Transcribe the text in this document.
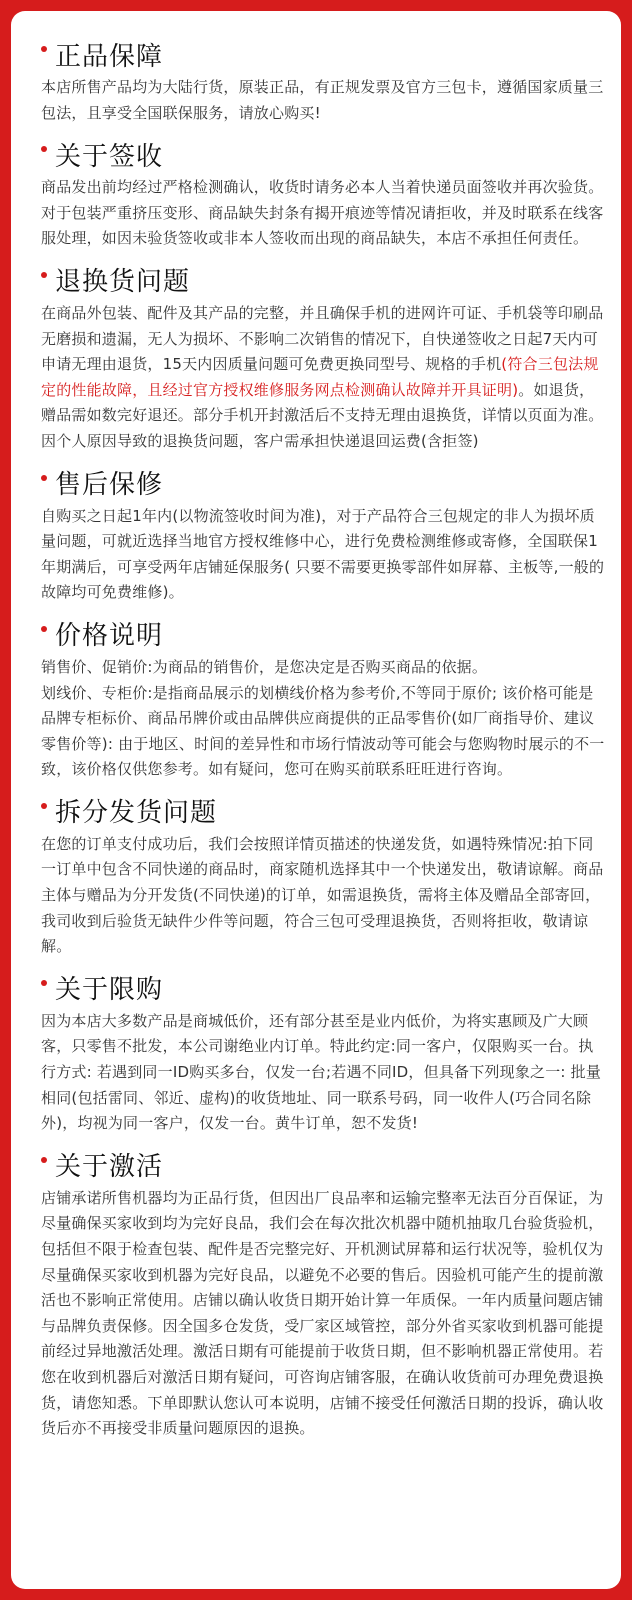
正品保障
本店所售产品均为大陆行货，原装正品，有正规发票及官方三包卡，遵循国家质量三包法，且享受全国联保服务，请放心购买!
关于签收
商品发出前均经过严格检测确认，收货时请务必本人当着快递员面签收并再次验货。对于包装严重挤压变形、商品缺失封条有揭开痕迹等情况请拒收，并及时联系在线客服处理，如因未验货签收或非本人签收而出现的商品缺失，本店不承担任何责任。
退换货问题
在商品外包装、配件及其产品的完整，并且确保手机的进网许可证、手机袋等印刷品无磨损和遗漏，无人为损坏、不影响二次销售的情况下，自快递签收之日起7天内可申请无理由退货，15天内因质量问题可免费更换同型号、规格的手机(符合三包法规定的性能故障，且经过官方授权维修服务网点检测确认故障并开具证明)。如退货，赠品需如数完好退还。部分手机开封激活后不支持无理由退换货，详情以页面为准。因个人原因导致的退换货问题，客户需承担快递退回运费(含拒签)
售后保修
自购买之日起1年内(以物流签收时间为准)，对于产品符合三包规定的非人为损坏质量问题，可就近选择当地官方授权维修中心，进行免费检测维修或寄修，全国联保1年期满后，可享受两年店铺延保服务( 只要不需要更换零部件如屏幕、主板等,一般的故障均可免费维修)。
价格说明
销售价、促销价:为商品的销售价，是您决定是否购买商品的依据。
划线价、专柜价:是指商品展示的划横线价格为参考价,不等同于原价; 该价格可能是品牌专柜标价、商品吊牌价或由品牌供应商提供的正品零售价(如厂商指导价、建议零售价等): 由于地区、时间的差异性和市场行情波动等可能会与您购物时展示的不一致，该价格仅供您参考。如有疑问，您可在购买前联系旺旺进行咨询。
拆分发货问题
在您的订单支付成功后，我们会按照详情页描述的快递发货，如遇特殊情况:拍下同一订单中包含不同快递的商品时，商家随机选择其中一个快递发出，敬请谅解。商品主体与赠品为分开发货(不同快递)的订单，如需退换货，需将主体及赠品全部寄回，我司收到后验货无缺件少件等问题，符合三包可受理退换货，否则将拒收，敬请谅解。
关于限购
因为本店大多数产品是商城低价，还有部分甚至是业内低价，为将实惠顾及广大顾客，只零售不批发，本公司谢绝业内订单。特此约定:同一客户，仅限购买一台。执行方式: 若遇到同一ID购买多台，仅发一台;若遇不同ID，但具备下列现象之一: 批量相同(包括雷同、邻近、虚构)的收货地址、同一联系号码，同一收件人(巧合同名除外)，均视为同一客户，仅发一台。黄牛订单，恕不发货!
关于激活
店铺承诺所售机器均为正品行货，但因出厂良品率和运输完整率无法百分百保证，为尽量确保买家收到均为完好良品，我们会在每次批次机器中随机抽取几台验货验机，包括但不限于检查包装、配件是否完整完好、开机测试屏幕和运行状况等，验机仅为尽量确保买家收到机器为完好良品，以避免不必要的售后。因验机可能产生的提前激活也不影响正常使用。店铺以确认收货日期开始计算一年质保。一年内质量问题店铺与品牌负责保修。因全国多仓发货，受厂家区域管控，部分外省买家收到机器可能提前经过异地激活处理。激活日期有可能提前于收货日期，但不影响机器正常使用。若您在收到机器后对激活日期有疑问，可咨询店铺客服，在确认收货前可办理免费退换货，请您知悉。下单即默认您认可本说明，店铺不接受任何激活日期的投诉，确认收货后亦不再接受非质量问题原因的退换。
